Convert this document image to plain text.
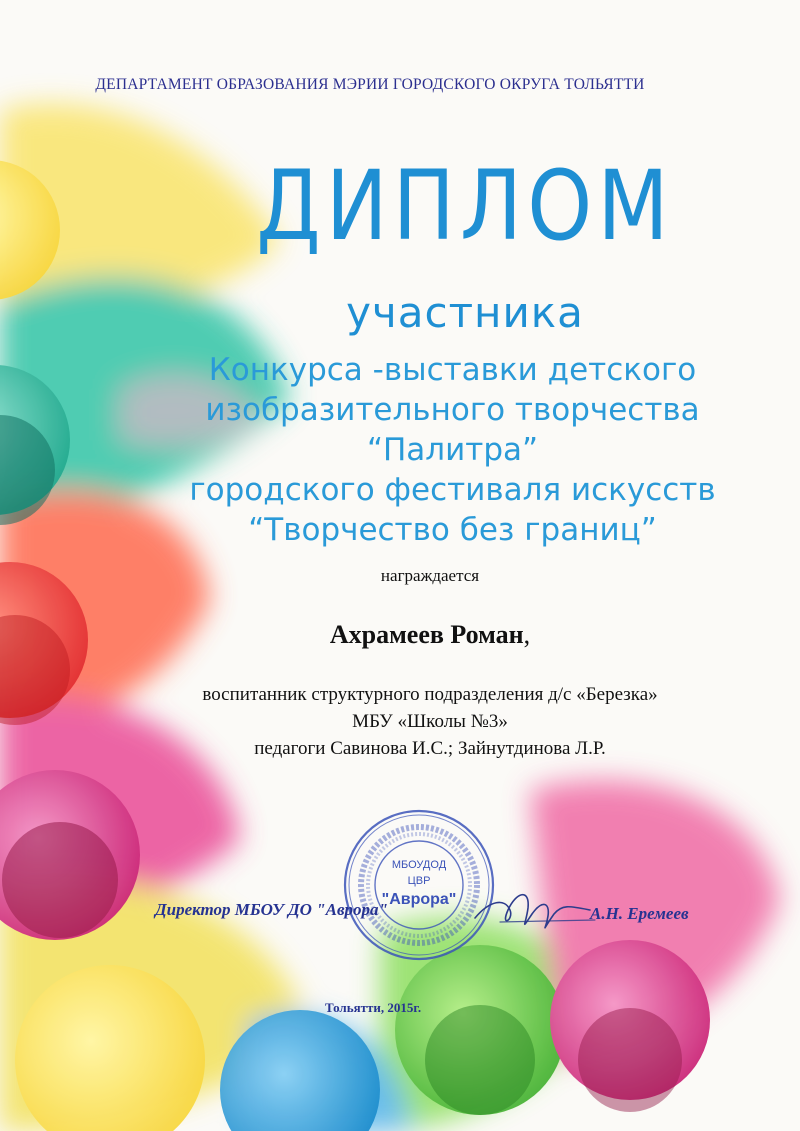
ДЕПАРТАМЕНТ ОБРАЗОВАНИЯ МЭРИИ ГОРОДСКОГО ОКРУГА ТОЛЬЯТТИ
ДИПЛОМ
участника
Конкурса -выставки детского
изобразительного творчества
“Палитра”
городского фестиваля искусств
“Творчество без границ”
награждается
Ахрамеев Роман,
воспитанник структурного подразделения д/с «Березка»
МБУ «Школы №3»
педагоги Савинова И.С.; Зайнутдинова Л.Р.
МБОУДОД
ЦВР
"Аврора"
Директор МБОУ ДО "Аврора"	А.Н. Еремеев
Тольятти, 2015г.
